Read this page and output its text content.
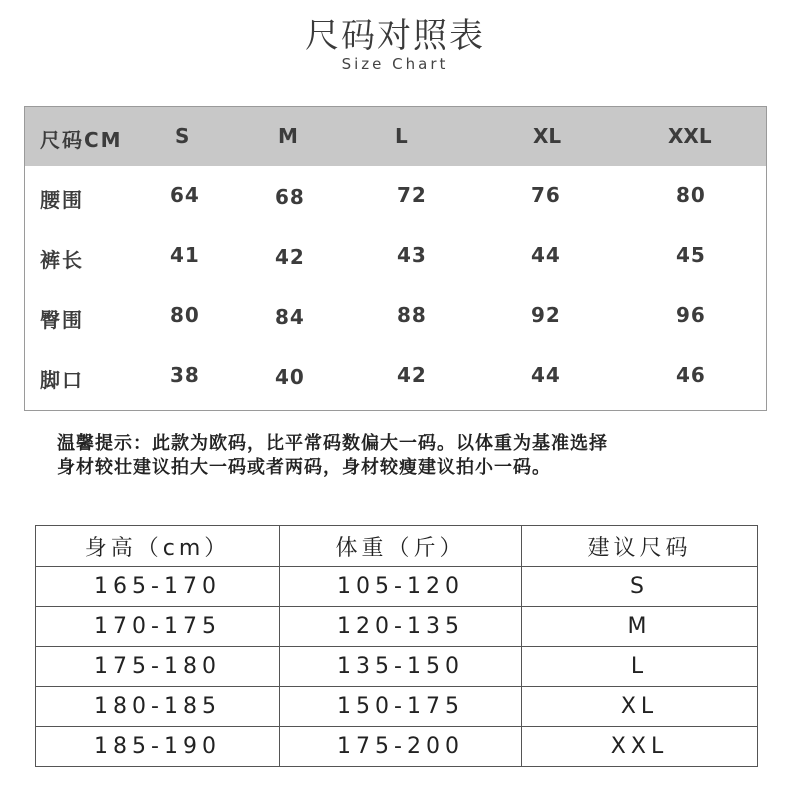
尺码对照表
Size Chart
尺码CM	S	M	L	XL	XXL
腰围	64	68	72	76	80
裤长	41	42	43	44	45
臀围	80	84	88	92	96
脚口	38	40	42	44	46

温馨提示：此款为欧码，比平常码数偏大一码。以体重为基准选择

身材较壮建议拍大一码或者两码，身材较瘦建议拍小一码。

身高（cm）	体重（斤）	建议尺码
165-170	105-120	S
170-175	120-135	M
175-180	135-150	L
180-185	150-175	XL
185-190	175-200	XXL
